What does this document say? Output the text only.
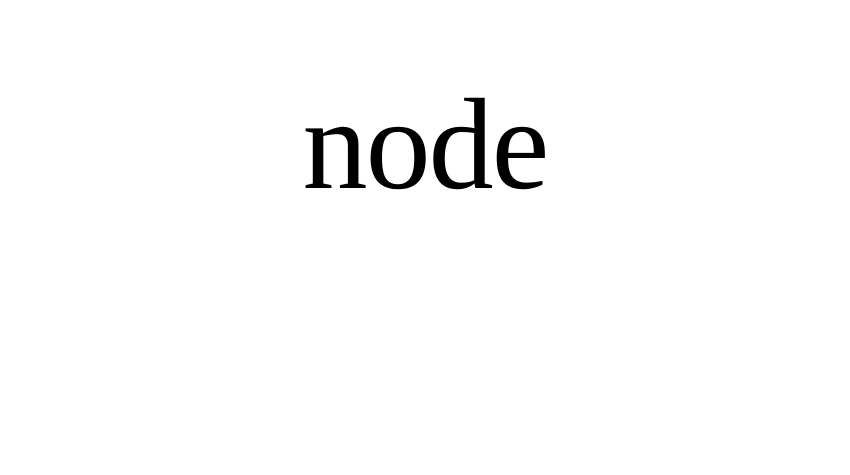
node
